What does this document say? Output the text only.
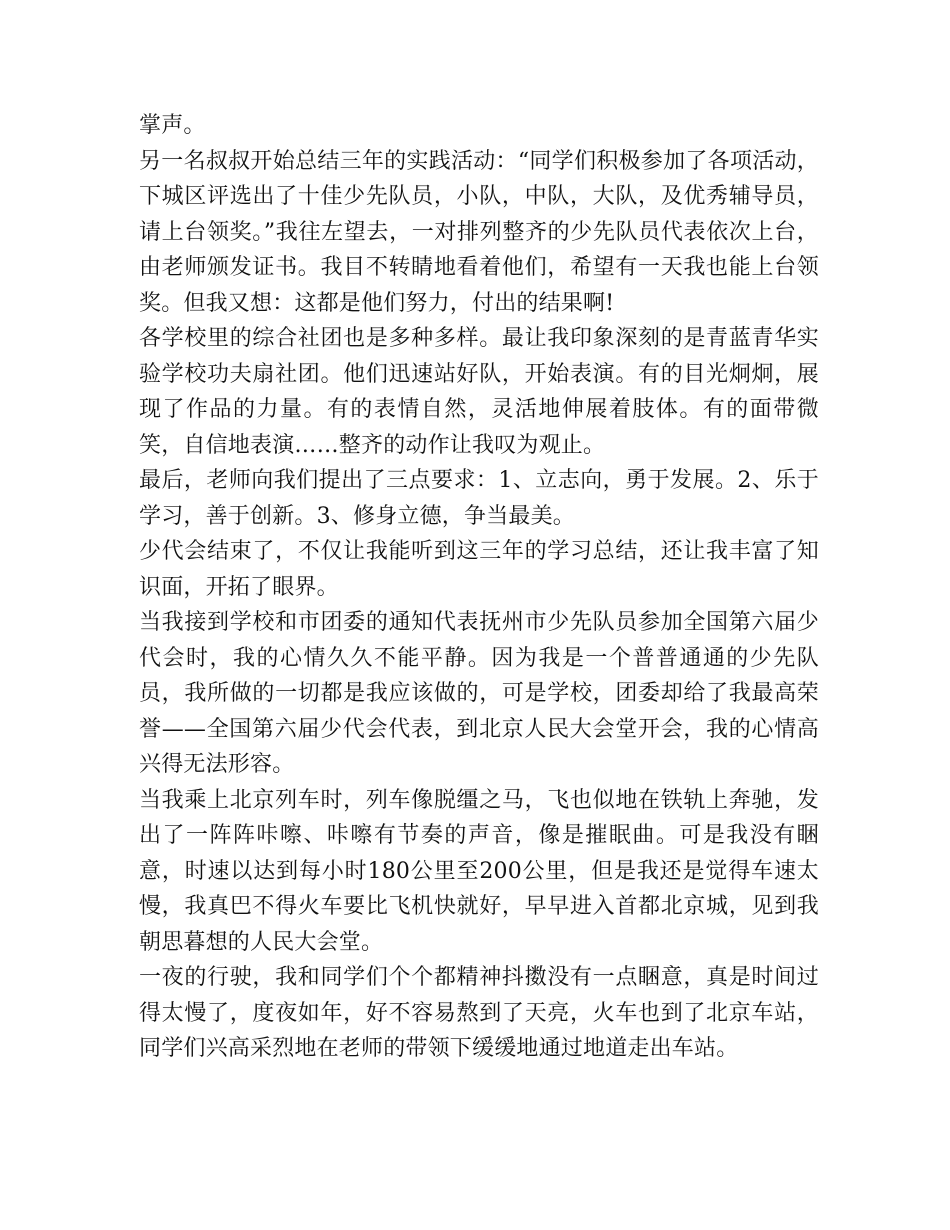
掌声。

另一名叔叔开始总结三年的实践活动：“同学们积极参加了各项活动，下城区评选出了十佳少先队员，小队，中队，大队，及优秀辅导员，请上台领奖。”我往左望去，一对排列整齐的少先队员代表依次上台，由老师颁发证书。我目不转睛地看着他们，希望有一天我也能上台领奖。但我又想：这都是他们努力，付出的结果啊!

各学校里的综合社团也是多种多样。最让我印象深刻的是青蓝青华实验学校功夫扇社团。他们迅速站好队，开始表演。有的目光炯炯，展现了作品的力量。有的表情自然，灵活地伸展着肢体。有的面带微笑，自信地表演……整齐的动作让我叹为观止。

最后，老师向我们提出了三点要求：1、立志向，勇于发展。2、乐于学习，善于创新。3、修身立德，争当最美。

少代会结束了，不仅让我能听到这三年的学习总结，还让我丰富了知识面，开拓了眼界。

当我接到学校和市团委的通知代表抚州市少先队员参加全国第六届少代会时，我的心情久久不能平静。因为我是一个普普通通的少先队员，我所做的一切都是我应该做的，可是学校，团委却给了我最高荣誉——全国第六届少代会代表，到北京人民大会堂开会，我的心情高兴得无法形容。

当我乘上北京列车时，列车像脱缰之马，飞也似地在铁轨上奔驰，发出了一阵阵咔嚓、咔嚓有节奏的声音，像是摧眠曲。可是我没有睏意，时速以达到每小时180公里至200公里，但是我还是觉得车速太慢，我真巴不得火车要比飞机快就好，早早进入首都北京城，见到我朝思暮想的人民大会堂。

一夜的行驶，我和同学们个个都精神抖擞没有一点睏意，真是时间过得太慢了，度夜如年，好不容易熬到了天亮，火车也到了北京车站，同学们兴高采烈地在老师的带领下缓缓地通过地道走出车站。
